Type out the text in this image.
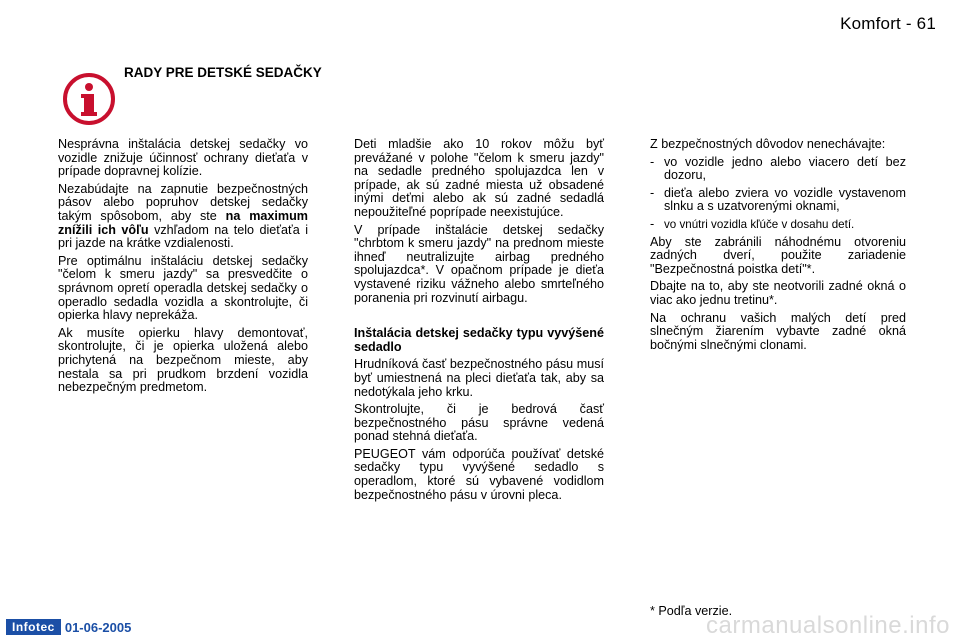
Komfort - 61
RADY PRE DETSKÉ SEDAČKY

Nesprávna inštalácia detskej sedačky vo vozidle znižuje účinnosť ochrany dieťaťa v prípade dopravnej kolízie.

Nezabúdajte na zapnutie bezpečnostných pásov alebo popruhov detskej sedačky takým spôsobom, aby ste na maximum znížili ich vôľu vzhľadom na telo dieťaťa i pri jazde na krátke vzdialenosti.

Pre optimálnu inštaláciu detskej sedačky "čelom k smeru jazdy" sa presvedčite o správnom opretí operadla detskej sedačky o operadlo sedadla vozidla a skontrolujte, či opierka hlavy neprekáža.

Ak musíte opierku hlavy demontovať, skontrolujte, či je opierka uložená alebo prichytená na bezpečnom mieste, aby nestala sa pri prudkom brzdení vozidla nebezpečným predmetom.

Deti mladšie ako 10 rokov môžu byť prevážané v polohe "čelom k smeru jazdy" na sedadle predného spolujazdca len v prípade, ak sú zadné miesta už obsadené inými deťmi alebo ak sú zadné sedadlá nepoužiteľné poprípade neexistujúce.

V prípade inštalácie detskej sedačky "chrbtom k smeru jazdy" na prednom mieste ihneď neutralizujte airbag predného spolujazdca*. V opačnom prípade je dieťa vystavené riziku vážneho alebo smrteľného poranenia pri rozvinutí airbagu.

Inštalácia detskej sedačky typu vyvýšené sedadlo

Hrudníková časť bezpečnostného pásu musí byť umiestnená na pleci dieťaťa tak, aby sa nedotýkala jeho krku.

Skontrolujte, či je bedrová časť bezpečnostného pásu správne vedená ponad stehná dieťaťa.

PEUGEOT vám odporúča používať detské sedačky typu vyvýšené sedadlo s operadlom, ktoré sú vybavené vodidlom bezpečnostného pásu v úrovni pleca.

Z bezpečnostných dôvodov nenechávajte:

- vo vozidle jedno alebo viacero detí bez dozoru,
- dieťa alebo zviera vo vozidle vystavenom slnku a s uzatvorenými oknami,
- vo vnútri vozidla kľúče v dosahu detí.

Aby ste zabránili náhodnému otvoreniu zadných dverí, použite zariadenie "Bezpečnostná poistka detí"*.

Dbajte na to, aby ste neotvorili zadné okná o viac ako jednu tretinu*.

Na ochranu vašich malých detí pred slnečným žiarením vybavte zadné okná bočnými slnečnými clonami.

* Podľa verzie.
Infotec 01-06-2005	carmanualsonline.info
